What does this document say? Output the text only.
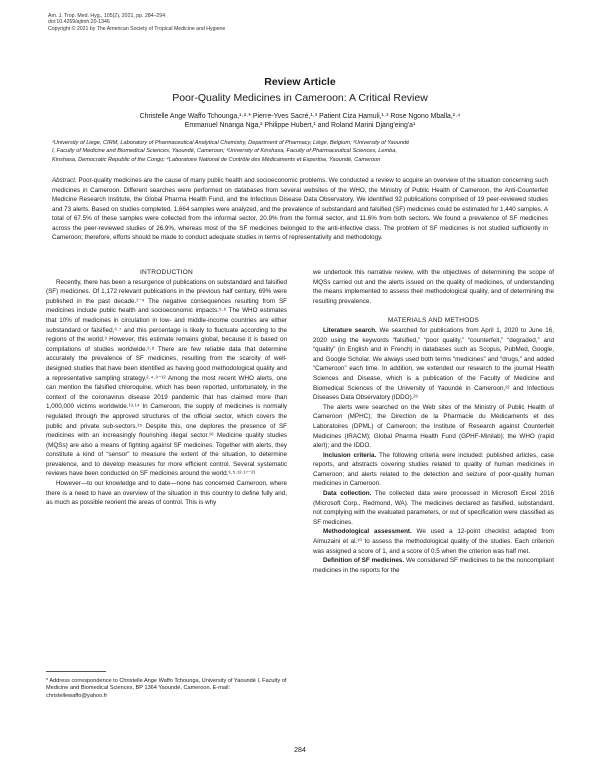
Am. J. Trop. Med. Hyg., 105(2), 2021, pp. 284–294
doi:10.4269/ajtmh.20-1346
Copyright © 2021 by The American Society of Tropical Medicine and Hygiene
Review Article
Poor-Quality Medicines in Cameroon: A Critical Review
Christelle Ange Waffo Tchounga,¹·²·* Pierre-Yves Sacré,¹·³ Patient Ciza Hamuli,¹·³ Rose Ngono Mballa,²·⁴
Emmanuel Nnanga Nga,² Philippe Hubert,¹ and Roland Marini Djang'eing'a¹
¹University of Liege, CIRM, Laboratory of Pharmaceutical Analytical Chemistry, Department of Pharmacy, Liège, Belgium; ²University of Yaoundé
I, Faculty of Medicine and Biomedical Sciences, Yaoundé, Cameroon; ³University of Kinshasa, Faculty of Pharmaceutical Sciences, Lemba,
Kinshasa, Democratic Republic of the Congo; ⁴Laboratoire National de Contrôle des Médicaments et Expertise, Yaoundé, Cameroon
Abstract. Poor-quality medicines are the cause of many public health and socioeconomic problems. We conducted a review to acquire an overview of the situation concerning such medicines in Cameroon. Different searches were performed on databases from several websites of the WHO, the Ministry of Public Health of Cameroon, the Anti-Counterfeit Medicine Research Institute, the Global Pharma Health Fund, and the Infectious Disease Data Observatory. We identified 92 publications comprised of 19 peer-reviewed studies and 73 alerts. Based on studies completed, 1,664 samples were analyzed, and the prevalence of substandard and falsified (SF) medicines could be estimated for 1,440 samples. A total of 67.5% of these samples were collected from the informal sector, 20.9% from the formal sector, and 11.6% from both sectors. We found a prevalence of SF medicines across the peer-reviewed studies of 26.9%, whereas most of the SF medicines belonged to the anti-infective class. The problem of SF medicines is not studied sufficiently in Cameroon; therefore, efforts should be made to conduct adequate studies in terms of representativity and methodology.

INTRODUCTION

Recently, there has been a resurgence of publications on substandard and falsified (SF) medicines. Of 1,172 relevant publications in the previous half century, 69% were published in the past decade.¹⁻⁴ The negative consequences resulting from SF medicines include public health and socioeconomic impacts.⁵·⁶ The WHO estimates that 10% of medicines in circulation in low- and middle-income countries are either substandard or falsified,⁶·⁷ and this percentage is likely to fluctuate according to the regions of the world.³ However, this estimate remains global, because it is based on compilations of studies worldwide.²·⁸ There are few reliable data that determine accurately the prevalence of SF medicines, resulting from the scarcity of well-designed studies that have been identified as having good methodological quality and a representative sampling strategy.²·⁴·⁹⁻¹² Among the most recent WHO alerts, one can mention the falsified chloroquine, which has been reported, unfortunately, in the context of the coronavirus disease 2019 pandemic that has claimed more than 1,000,000 victims worldwide.¹³·¹⁴ In Cameroon, the supply of medicines is normally regulated through the approved structures of the official sector, which covers the public and private sub-sectors.¹⁵ Despite this, one deplores the presence of SF medicines with an increasingly flourishing illegal sector.¹⁶ Medicine quality studies (MQSs) are also a means of fighting against SF medicines. Together with alerts, they constitute a kind of “sensor” to measure the extent of the situation, to determine prevalence, and to develop measures for more efficient control. Several systematic reviews have been conducted on SF medicines around the world.³·⁵·¹²·¹⁷⁻²¹

However—to our knowledge and to date—none has concerned Cameroon, where there is a need to have an overview of the situation in this country to define fully and, as much as possible reorient the areas of control. This is why

* Address correspondence to Christelle Ange Waffo Tchounga, University of Yaoundé I, Faculty of Medicine and Biomedical Sciences, BP 1364 Yaoundé, Cameroon. E-mail: christellewaffo@yahoo.fr

we undertook this narrative review, with the objectives of determining the scope of MQSs carried out and the alerts issued on the quality of medicines, of understanding the means implemented to assess their methodological quality, and of determining the resulting prevalence.

MATERIALS AND METHODS

Literature search. We searched for publications from April 1, 2020 to June 16, 2020 using the keywords “falsified,” “poor quality,” “counterfeit,” “degraded,” and “quality” (in English and in French) in databases such as Scopus, PubMed, Google, and Google Scholar. We always used both terms “medicines” and “drugs,” and added “Cameroon” each time. In addition, we extended our research to the journal Health Sciences and Disease, which is a publication of the Faculty of Medicine and Biomedical Sciences of the University of Yaoundé in Cameroon,²² and Infectious Diseases Data Observatory (IDDO).²³

The alerts were searched on the Web sites of the Ministry of Public Health of Cameroon (MPHC); the Direction de la Pharmacie du Médicaments et des Laboratoires (DPML) of Cameroon; the Institute of Research against Counterfeit Medicines (IRACM); Global Pharma Health Fund (GPHF-Minilab); the WHO (rapid alert); and the IDDO.

Inclusion criteria. The following criteria were included: published articles, case reports, and abstracts covering studies related to quality of human medicines in Cameroon; and alerts related to the detection and seizure of poor-quality human medicines in Cameroon.

Data collection. The collected data were processed in Microsoft Excel 2016 (Microsoft Corp., Redmond, WA). The medicines declared as falsified, substandard, not complying with the evaluated parameters, or out of specification were classified as SF medicines.

Methodological assessment. We used a 12-point checklist adapted from Almuzaini et al.¹⁰ to assess the methodological quality of the studies. Each criterion was assigned a score of 1, and a score of 0.5 when the criterion was half met.

Definition of SF medicines. We considered SF medicines to be the noncompliant medicines in the reports for the

284
